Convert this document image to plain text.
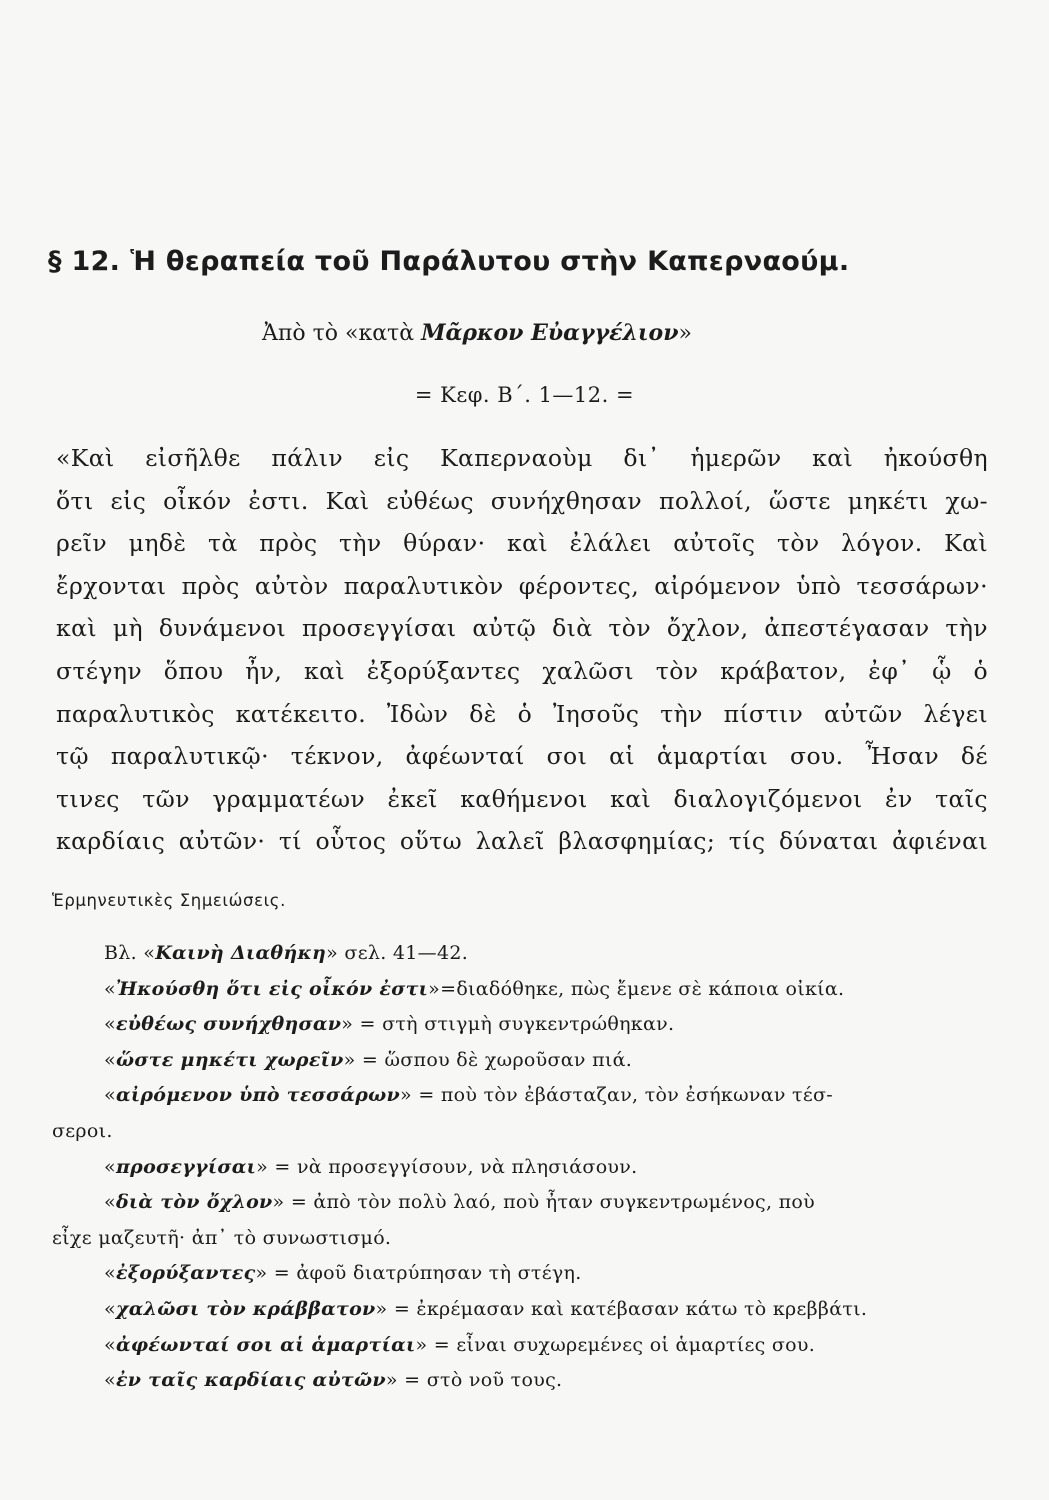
§ 12. Ἡ θεραπεία τοῦ Παράλυτου στὴν Καπερναούμ.
Ἀπὸ τὸ «κατὰ Μᾶρκον Εὐαγγέλιον»
= Κεφ. Β΄. 1—12. =
«Καὶ εἰσῆλθε πάλιν εἰς Καπερναοὺμ δι᾽ ἡμερῶν καὶ ἠκούσθη
ὅτι εἰς οἶκόν ἐστι. Καὶ εὐθέως συνήχθησαν πολλοί, ὥστε μηκέτι χω-
ρεῖν μηδὲ τὰ πρὸς τὴν θύραν· καὶ ἐλάλει αὐτοῖς τὸν λόγον. Καὶ
ἔρχονται πρὸς αὐτὸν παραλυτικὸν φέροντες, αἰρόμενον ὑπὸ τεσσάρων·
καὶ μὴ δυνάμενοι προσεγγίσαι αὐτῷ διὰ τὸν ὄχλον, ἀπεστέγασαν τὴν
στέγην ὅπου ἦν, καὶ ἐξορύξαντες χαλῶσι τὸν κράβατον, ἐφ᾽ ᾧ ὁ
παραλυτικὸς κατέκειτο. Ἰδὼν δὲ ὁ Ἰησοῦς τὴν πίστιν αὐτῶν λέγει
τῷ παραλυτικῷ· τέκνον, ἀφέωνταί σοι αἱ ἁμαρτίαι σου. Ἦσαν δέ
τινες τῶν γραμματέων ἐκεῖ καθήμενοι καὶ διαλογιζόμενοι ἐν ταῖς
καρδίαις αὐτῶν· τί οὗτος οὕτω λαλεῖ βλασφημίας; τίς δύναται ἀφιέναι
Ἑρμηνευτικὲς Σημειώσεις.
Βλ. «Καινὴ Διαθήκη» σελ. 41—42.
«Ἠκούσθη ὅτι εἰς οἶκόν ἐστι»=διαδόθηκε, πὼς ἔμενε σὲ κάποια οἰκία.
«εὐθέως συνήχθησαν» = στὴ στιγμὴ συγκεντρώθηκαν.
«ὥστε μηκέτι χωρεῖν» = ὥσπου δὲ χωροῦσαν πιά.
«αἰρόμενον ὑπὸ τεσσάρων» = ποὺ τὸν ἐβάσταζαν, τὸν ἐσήκωναν τέσ-
σεροι.
«προσεγγίσαι» = νὰ προσεγγίσουν, νὰ πλησιάσουν.
«διὰ τὸν ὄχλον» = ἀπὸ τὸν πολὺ λαό, ποὺ ἦταν συγκεντρωμένος, ποὺ
εἶχε μαζευτῆ· ἀπ᾽ τὸ συνωστισμό.
«ἐξορύξαντες» = ἀφοῦ διατρύπησαν τὴ στέγη.
«χαλῶσι τὸν κράββατον» = ἐκρέμασαν καὶ κατέβασαν κάτω τὸ κρεββάτι.
«ἀφέωνταί σοι αἱ ἁμαρτίαι» = εἶναι συχωρεμένες οἱ ἁμαρτίες σου.
«ἐν ταῖς καρδίαις αὐτῶν» = στὸ νοῦ τους.
